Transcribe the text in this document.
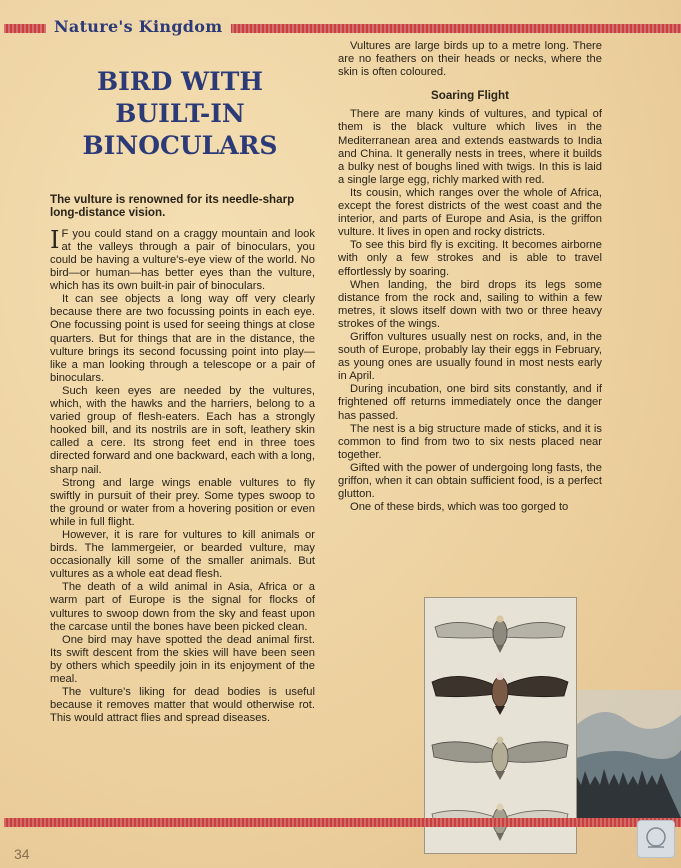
Nature's Kingdom
BIRD WITH
BUILT-IN
BINOCULARS

The vulture is renowned for its needle-sharp long-distance vision.

I F you could stand on a craggy mountain and look at the valleys through a pair of binoculars, you could be having a vulture's-eye view of the world. No bird—or human—has better eyes than the vulture, which has its own built-in pair of binoculars.

It can see objects a long way off very clearly because there are two focussing points in each eye. One focussing point is used for seeing things at close quarters. But for things that are in the distance, the vulture brings its second focussing point into play—like a man looking through a telescope or a pair of binoculars.

Such keen eyes are needed by the vultures, which, with the hawks and the harriers, belong to a varied group of flesh-eaters. Each has a strongly hooked bill, and its nostrils are in soft, leathery skin called a cere. Its strong feet end in three toes directed forward and one backward, each with a long, sharp nail.

Strong and large wings enable vultures to fly swiftly in pursuit of their prey. Some types swoop to the ground or water from a hovering position or even while in full flight.

However, it is rare for vultures to kill animals or birds. The lammergeier, or bearded vulture, may occasionally kill some of the smaller animals. But vultures as a whole eat dead flesh.

The death of a wild animal in Asia, Africa or a warm part of Europe is the signal for flocks of vultures to swoop down from the sky and feast upon the carcase until the bones have been picked clean.

One bird may have spotted the dead animal first. Its swift descent from the skies will have been seen by others which speedily join in its enjoyment of the meal.

The vulture's liking for dead bodies is useful because it removes matter that would otherwise rot. This would attract flies and spread diseases.

Vultures are large birds up to a metre long. There are no feathers on their heads or necks, where the skin is often coloured.

Soaring Flight

There are many kinds of vultures, and typical of them is the black vulture which lives in the Mediterranean area and extends eastwards to India and China. It generally nests in trees, where it builds a bulky nest of boughs lined with twigs. In this is laid a single large egg, richly marked with red.

Its cousin, which ranges over the whole of Africa, except the forest districts of the west coast and the interior, and parts of Europe and Asia, is the griffon vulture. It lives in open and rocky districts.

To see this bird fly is exciting. It becomes airborne with only a few strokes and is able to travel effortlessly by soaring.

When landing, the bird drops its legs some distance from the rock and, sailing to within a few metres, it slows itself down with two or three heavy strokes of the wings.

Griffon vultures usually nest on rocks, and, in the south of Europe, probably lay their eggs in February, as young ones are usually found in most nests early in April.

During incubation, one bird sits constantly, and if frightened off returns immediately once the danger has passed.

The nest is a big structure made of sticks, and it is common to find from two to six nests placed near together.

Gifted with the power of undergoing long fasts, the griffon, when it can obtain sufficient food, is a perfect glutton.

One of these birds, which was too gorged to

34
